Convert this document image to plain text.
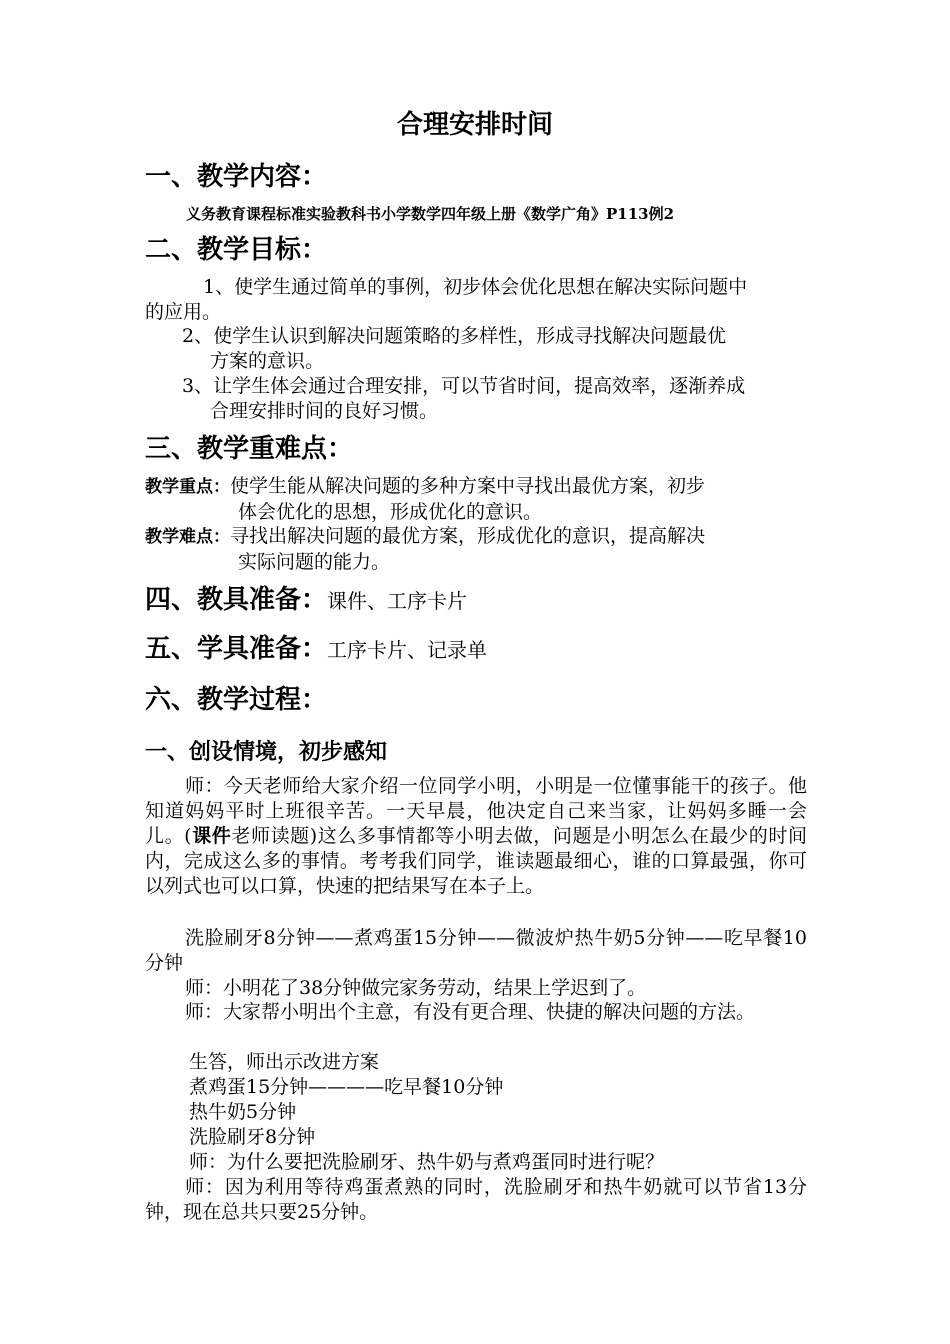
合理安排时间
一、教学内容：
义务教育课程标准实验教科书小学数学四年级上册《数学广角》P113例2
二、教学目标：
1、使学生通过简单的事例，初步体会优化思想在解决实际问题中
的应用。
2、使学生认识到解决问题策略的多样性，形成寻找解决问题最优
方案的意识。
3、让学生体会通过合理安排，可以节省时间，提高效率，逐渐养成
合理安排时间的良好习惯。
三、教学重难点：
教学重点：使学生能从解决问题的多种方案中寻找出最优方案，初步
体会优化的思想，形成优化的意识。
教学难点：寻找出解决问题的最优方案，形成优化的意识，提高解决
实际问题的能力。
四、教具准备：课件、工序卡片
五、学具准备：工序卡片、记录单
六、教学过程：
一、创设情境，初步感知
师：今天老师给大家介绍一位同学小明，小明是一位懂事能干的孩子。他知道妈妈平时上班很辛苦。一天早晨，他决定自己来当家，让妈妈多睡一会儿。(课件老师读题)这么多事情都等小明去做，问题是小明怎么在最少的时间内，完成这么多的事情。考考我们同学，谁读题最细心，谁的口算最强，你可以列式也可以口算，快速的把结果写在本子上。
洗脸刷牙8分钟——煮鸡蛋15分钟——微波炉热牛奶5分钟——吃早餐10分钟
师：小明花了38分钟做完家务劳动，结果上学迟到了。
师：大家帮小明出个主意，有没有更合理、快捷的解决问题的方法。
生答，师出示改进方案
煮鸡蛋15分钟————吃早餐10分钟
热牛奶5分钟
洗脸刷牙8分钟
师：为什么要把洗脸刷牙、热牛奶与煮鸡蛋同时进行呢？
师：因为利用等待鸡蛋煮熟的同时，洗脸刷牙和热牛奶就可以节省13分钟，现在总共只要25分钟。
